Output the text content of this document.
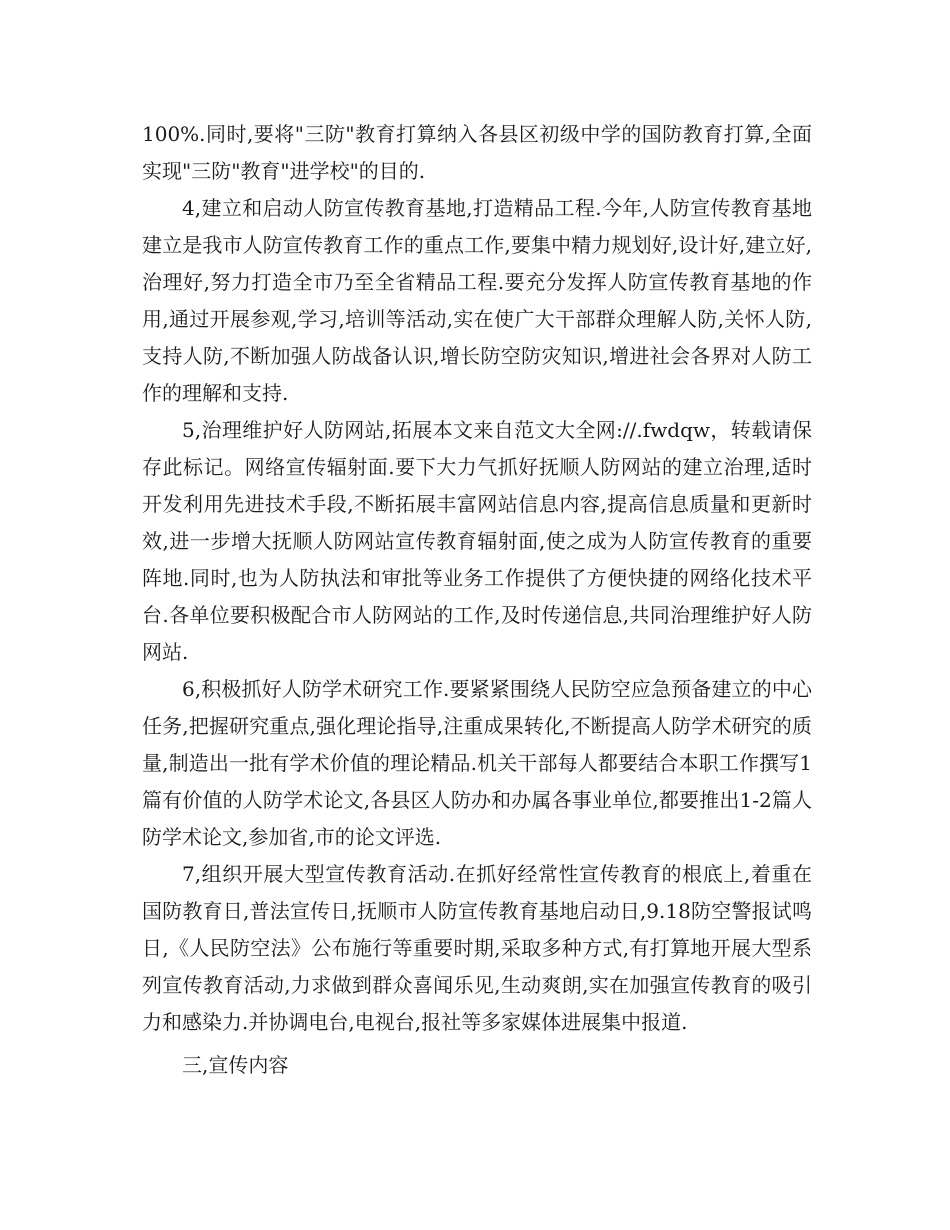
100%.同时,要将"三防"教育打算纳入各县区初级中学的国防教育打算,全面实现"三防"教育"进学校"的目的.

4,建立和启动人防宣传教育基地,打造精品工程.今年,人防宣传教育基地建立是我市人防宣传教育工作的重点工作,要集中精力规划好,设计好,建立好,治理好,努力打造全市乃至全省精品工程.要充分发挥人防宣传教育基地的作用,通过开展参观,学习,培训等活动,实在使广大干部群众理解人防,关怀人防,支持人防,不断加强人防战备认识,增长防空防灾知识,增进社会各界对人防工作的理解和支持.

5,治理维护好人防网站,拓展本文来自范文大全网://.fwdqw，转载请保存此标记。网络宣传辐射面.要下大力气抓好抚顺人防网站的建立治理,适时开发利用先进技术手段,不断拓展丰富网站信息内容,提高信息质量和更新时效,进一步增大抚顺人防网站宣传教育辐射面,使之成为人防宣传教育的重要阵地.同时,也为人防执法和审批等业务工作提供了方便快捷的网络化技术平台.各单位要积极配合市人防网站的工作,及时传递信息,共同治理维护好人防网站.

6,积极抓好人防学术研究工作.要紧紧围绕人民防空应急预备建立的中心任务,把握研究重点,强化理论指导,注重成果转化,不断提高人防学术研究的质量,制造出一批有学术价值的理论精品.机关干部每人都要结合本职工作撰写1篇有价值的人防学术论文,各县区人防办和办属各事业单位,都要推出1-2篇人防学术论文,参加省,市的论文评选.

7,组织开展大型宣传教育活动.在抓好经常性宣传教育的根底上,着重在国防教育日,普法宣传日,抚顺市人防宣传教育基地启动日,9.18防空警报试鸣日,《人民防空法》公布施行等重要时期,采取多种方式,有打算地开展大型系列宣传教育活动,力求做到群众喜闻乐见,生动爽朗,实在加强宣传教育的吸引力和感染力.并协调电台,电视台,报社等多家媒体进展集中报道.

三,宣传内容
